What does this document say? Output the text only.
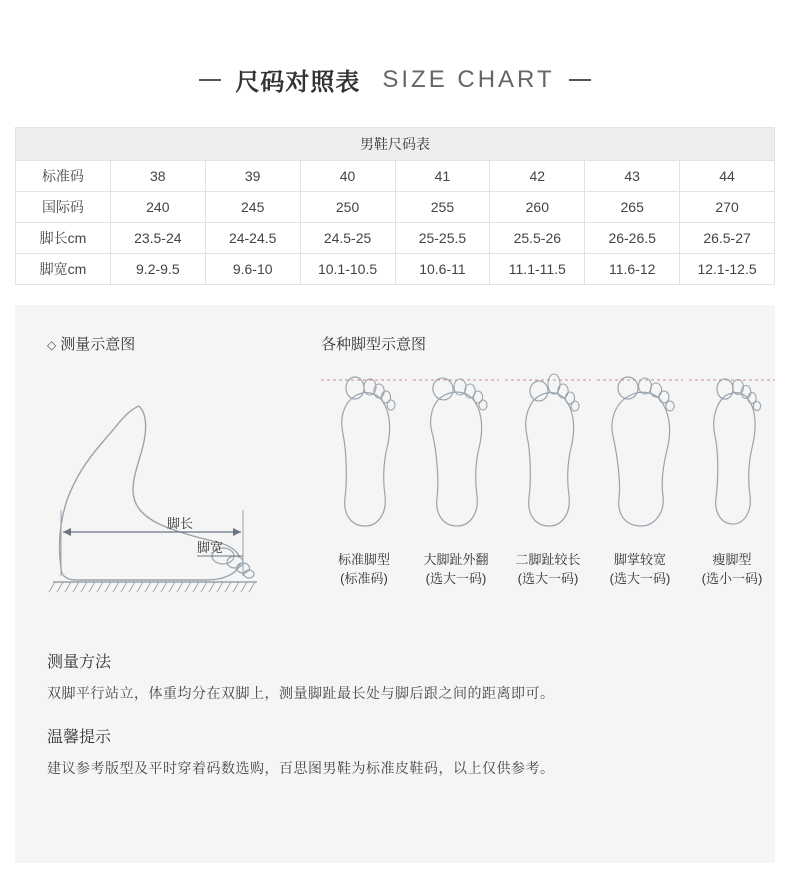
尺码对照表 SIZE CHART
男鞋尺码表							
标准码	38	39	40	41	42	43	44
国际码	240	245	250	255	260	265	270
脚长cm	23.5-24	24-24.5	24.5-25	25-25.5	25.5-26	26-26.5	26.5-27
脚宽cm	9.2-9.5	9.6-10	10.1-10.5	10.6-11	11.1-11.5	11.6-12	12.1-12.5
◇ 测量示意图
脚长
脚宽
各种脚型示意图
标准脚型
(标准码)
大脚趾外翻
(选大一码)
二脚趾较长
(选大一码)
脚掌较宽
(选大一码)
瘦脚型
(选小一码)
测量方法

双脚平行站立，体重均分在双脚上，测量脚趾最长处与脚后跟之间的距离即可。

温馨提示

建议参考版型及平时穿着码数选购，百思图男鞋为标准皮鞋码，以上仅供参考。
